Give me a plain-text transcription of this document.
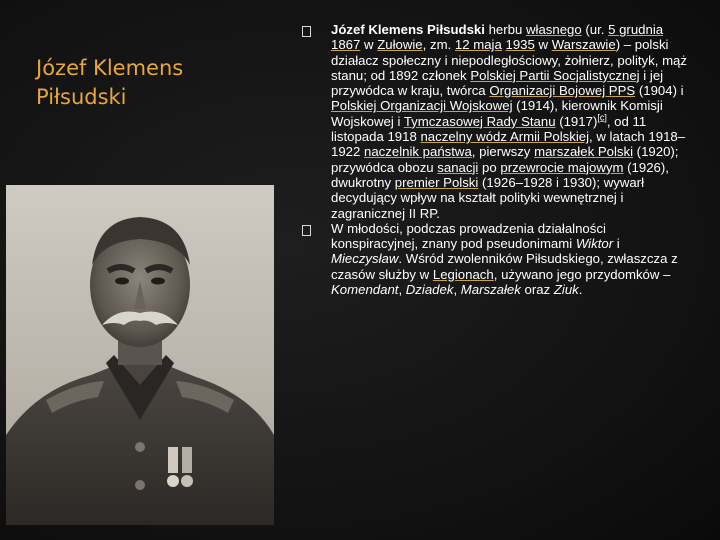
Józef Klemens
Piłsudski
Józef Klemens Piłsudski herbu własnego (ur. 5 grudnia 1867 w Zułowie, zm. 12 maja 1935 w Warszawie) – polski działacz społeczny i niepodległościowy, żołnierz, polityk, mąż stanu; od 1892 członek Polskiej Partii Socjalistycznej i jej przywódca w kraju, twórca Organizacji Bojowej PPS (1904) i Polskiej Organizacji Wojskowej (1914), kierownik Komisji Wojskowej i Tymczasowej Rady Stanu (1917)[c], od 11 listopada 1918 naczelny wódz Armii Polskiej, w latach 1918–1922 naczelnik państwa, pierwszy marszałek Polski (1920); przywódca obozu sanacji po przewrocie majowym (1926), dwukrotny premier Polski (1926–1928 i 1930); wywarł decydujący wpływ na kształt polityki wewnętrznej i zagranicznej II RP.
W młodości, podczas prowadzenia działalności konspiracyjnej, znany pod pseudonimami Wiktor i Mieczysław. Wśród zwolenników Piłsudskiego, zwłaszcza z czasów służby w Legionach, używano jego przydomków – Komendant, Dziadek, Marszałek oraz Ziuk.
